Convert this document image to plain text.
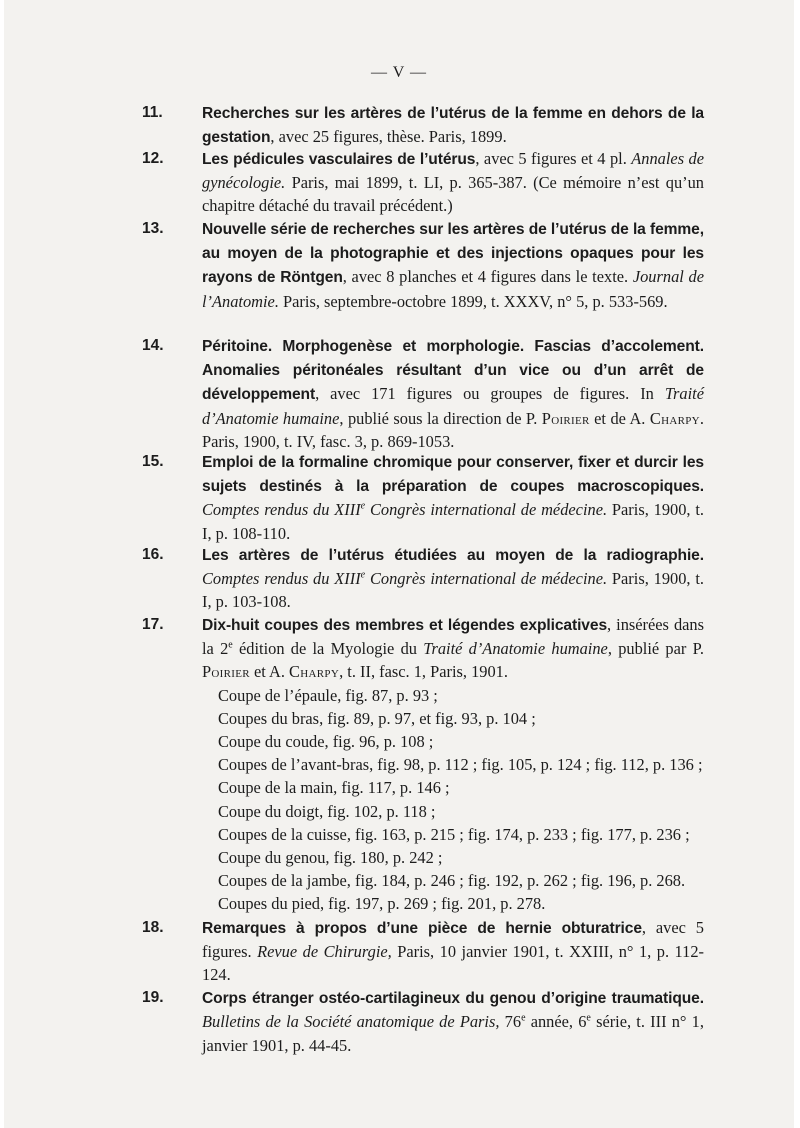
— V —
11.	Recherches sur les artères de l’utérus de la femme en dehors de la gestation, avec 25 figures, thèse. Paris, 1899.
12. Les pédicules vasculaires de l’utérus, avec 5 figures et 4 pl. Annales de gynécologie. Paris, mai 1899, t. LI, p. 365-387. (Ce mémoire n’est qu’un chapitre détaché du travail précédent.)
13. Nouvelle série de recherches sur les artères de l’utérus de la femme, au moyen de la photographie et des injections opaques pour les rayons de Röntgen, avec 8 planches et 4 figures dans le texte. Journal de l’Anatomie. Paris, septembre-octobre 1899, t. XXXV, n° 5, p. 533-569.
14. Péritoine. Morphogenèse et morphologie. Fascias d’accolement. Anomalies péritonéales résultant d’un vice ou d’un arrêt de développement, avec 171 figures ou groupes de figures. In Traité d’Anatomie humaine, publié sous la direction de P. Poirier et de A. Charpy. Paris, 1900, t. IV, fasc. 3, p. 869-1053.
15. Emploi de la formaline chromique pour conserver, fixer et durcir les sujets destinés à la préparation de coupes macroscopiques. Comptes rendus du XIIIe Congrès international de médecine. Paris, 1900, t. I, p. 108-110.
16. Les artères de l’utérus étudiées au moyen de la radiographie. Comptes rendus du XIIIe Congrès international de médecine. Paris, 1900, t. I, p. 103-108.
17. Dix-huit coupes des membres et légendes explicatives, insérées dans la 2e édition de la Myologie du Traité d’Anatomie humaine, publié par P. Poirier et A. Charpy, t. II, fasc. 1, Paris, 1901.
Coupe de l’épaule, fig. 87, p. 93 ;
Coupes du bras, fig. 89, p. 97, et fig. 93, p. 104 ;
Coupe du coude, fig. 96, p. 108 ;
Coupes de l’avant-bras, fig. 98, p. 112 ; fig. 105, p. 124 ; fig. 112, p. 136 ;
Coupe de la main, fig. 117, p. 146 ;
Coupe du doigt, fig. 102, p. 118 ;
Coupes de la cuisse, fig. 163, p. 215 ; fig. 174, p. 233 ; fig. 177, p. 236 ;
Coupe du genou, fig. 180, p. 242 ;
Coupes de la jambe, fig. 184, p. 246 ; fig. 192, p. 262 ; fig. 196, p. 268.
Coupes du pied, fig. 197, p. 269 ; fig. 201, p. 278.
18. Remarques à propos d’une pièce de hernie obturatrice, avec 5 figures. Revue de Chirurgie, Paris, 10 janvier 1901, t. XXIII, n° 1, p. 112-124.
19. Corps étranger ostéo-cartilagineux du genou d’origine traumatique. Bulletins de la Société anatomique de Paris, 76e année, 6e série, t. III n° 1, janvier 1901, p. 44-45.
